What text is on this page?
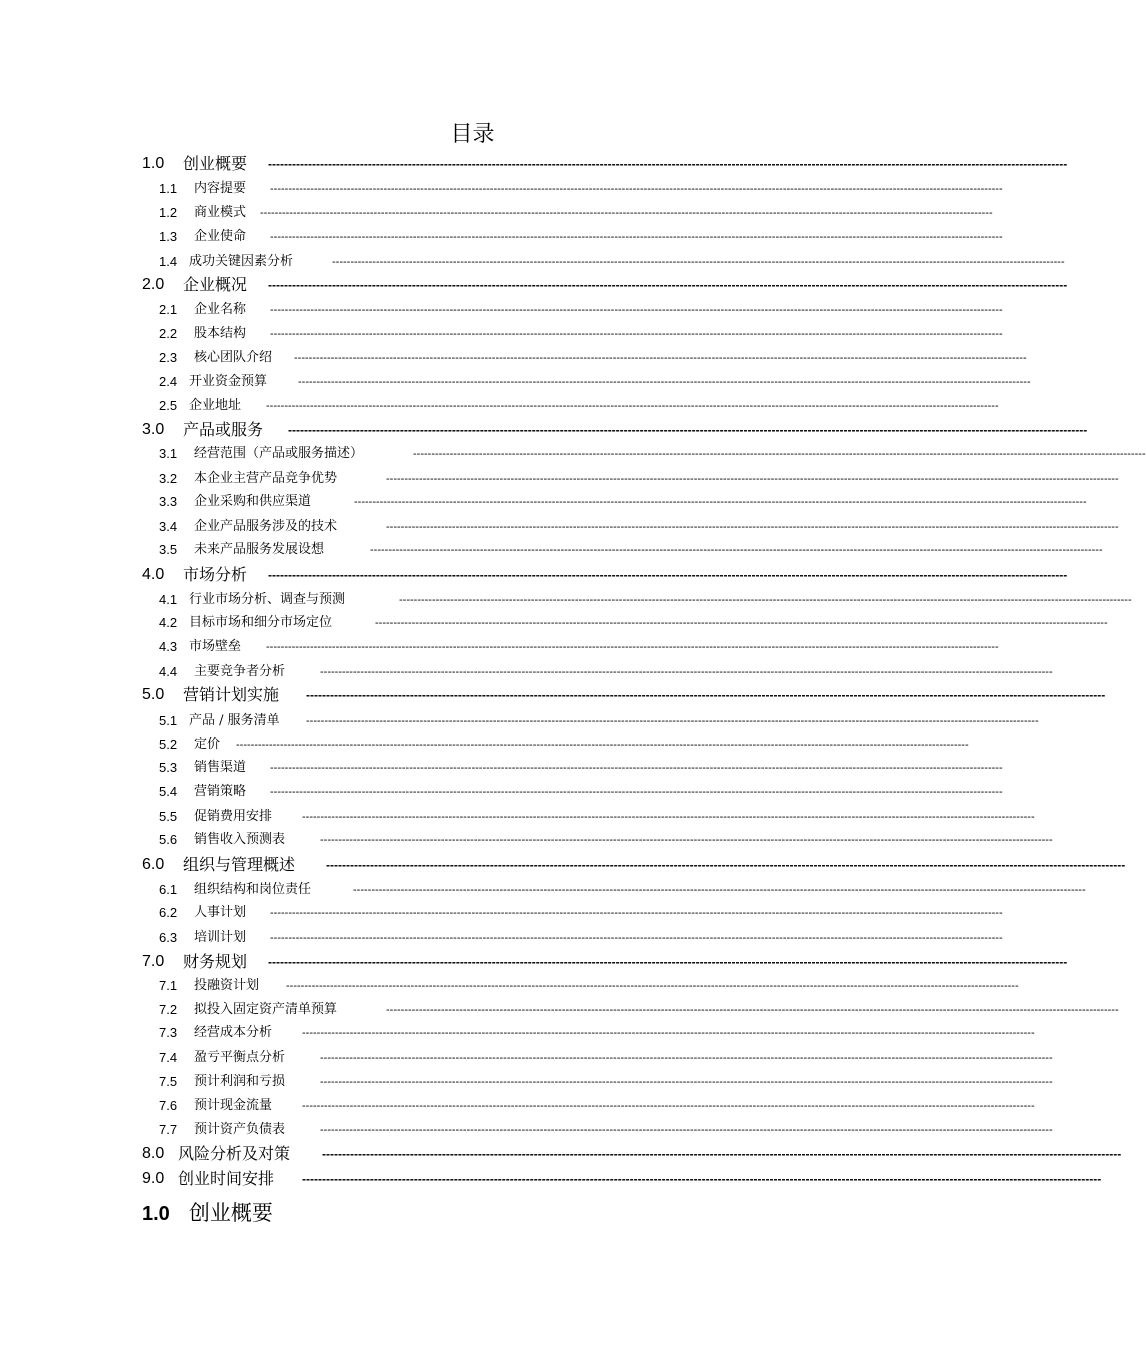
目录
1.0 创业概要 --------------------------------------------------------------------------------------------------------------------------------------------------------------------------------------------------------
1.1 内容提要 --------------------------------------------------------------------------------------------------------------------------------------------------------------------------------------------------------
1.2 商业模式 --------------------------------------------------------------------------------------------------------------------------------------------------------------------------------------------------------
1.3 企业使命 --------------------------------------------------------------------------------------------------------------------------------------------------------------------------------------------------------
1.4 成功关键因素分析	--------------------------------------------------------------------------------------------------------------------------------------------------------------------------------------------------------
2.0 企业概况 --------------------------------------------------------------------------------------------------------------------------------------------------------------------------------------------------------
2.1 企业名称 --------------------------------------------------------------------------------------------------------------------------------------------------------------------------------------------------------
2.2 股本结构 --------------------------------------------------------------------------------------------------------------------------------------------------------------------------------------------------------
2.3 核心团队介绍 --------------------------------------------------------------------------------------------------------------------------------------------------------------------------------------------------------
2.4 开业资金预算	--------------------------------------------------------------------------------------------------------------------------------------------------------------------------------------------------------
2.5 企业地址 --------------------------------------------------------------------------------------------------------------------------------------------------------------------------------------------------------
3.0 产品或服务 --------------------------------------------------------------------------------------------------------------------------------------------------------------------------------------------------------
3.1 经营范围（产品或服务描述）	--------------------------------------------------------------------------------------------------------------------------------------------------------------------------------------------------------
3.2 本企业主营产品竞争优势	--------------------------------------------------------------------------------------------------------------------------------------------------------------------------------------------------------
3.3 企业采购和供应渠道	--------------------------------------------------------------------------------------------------------------------------------------------------------------------------------------------------------
3.4 企业产品服务涉及的技术	--------------------------------------------------------------------------------------------------------------------------------------------------------------------------------------------------------
3.5 未来产品服务发展设想	--------------------------------------------------------------------------------------------------------------------------------------------------------------------------------------------------------
4.0 市场分析 --------------------------------------------------------------------------------------------------------------------------------------------------------------------------------------------------------
4.1 行业市场分析、调查与预测	--------------------------------------------------------------------------------------------------------------------------------------------------------------------------------------------------------
4.2 目标市场和细分市场定位	--------------------------------------------------------------------------------------------------------------------------------------------------------------------------------------------------------
4.3 市场壁垒 --------------------------------------------------------------------------------------------------------------------------------------------------------------------------------------------------------
4.4 主要竞争者分析	--------------------------------------------------------------------------------------------------------------------------------------------------------------------------------------------------------
5.0 营销计划实施 --------------------------------------------------------------------------------------------------------------------------------------------------------------------------------------------------------
5.1 产品 / 服务清单 --------------------------------------------------------------------------------------------------------------------------------------------------------------------------------------------------------
5.2 定价 --------------------------------------------------------------------------------------------------------------------------------------------------------------------------------------------------------
5.3 销售渠道 --------------------------------------------------------------------------------------------------------------------------------------------------------------------------------------------------------
5.4 营销策略 --------------------------------------------------------------------------------------------------------------------------------------------------------------------------------------------------------
5.5 促销费用安排	--------------------------------------------------------------------------------------------------------------------------------------------------------------------------------------------------------
5.6 销售收入预测表	--------------------------------------------------------------------------------------------------------------------------------------------------------------------------------------------------------
6.0 组织与管理概述	--------------------------------------------------------------------------------------------------------------------------------------------------------------------------------------------------------
6.1 组织结构和岗位责任	--------------------------------------------------------------------------------------------------------------------------------------------------------------------------------------------------------
6.2 人事计划 --------------------------------------------------------------------------------------------------------------------------------------------------------------------------------------------------------
6.3 培训计划 --------------------------------------------------------------------------------------------------------------------------------------------------------------------------------------------------------
7.0 财务规划 --------------------------------------------------------------------------------------------------------------------------------------------------------------------------------------------------------
7.1 投融资计划 --------------------------------------------------------------------------------------------------------------------------------------------------------------------------------------------------------
7.2 拟投入固定资产清单预算	--------------------------------------------------------------------------------------------------------------------------------------------------------------------------------------------------------
7.3 经营成本分析	--------------------------------------------------------------------------------------------------------------------------------------------------------------------------------------------------------
7.4 盈亏平衡点分析	--------------------------------------------------------------------------------------------------------------------------------------------------------------------------------------------------------
7.5 预计利润和亏损	--------------------------------------------------------------------------------------------------------------------------------------------------------------------------------------------------------
7.6 预计现金流量	--------------------------------------------------------------------------------------------------------------------------------------------------------------------------------------------------------
7.7 预计资产负债表	--------------------------------------------------------------------------------------------------------------------------------------------------------------------------------------------------------
8.0 风险分析及对策	--------------------------------------------------------------------------------------------------------------------------------------------------------------------------------------------------------
9.0 创业时间安排 --------------------------------------------------------------------------------------------------------------------------------------------------------------------------------------------------------
1.0 创业概要
